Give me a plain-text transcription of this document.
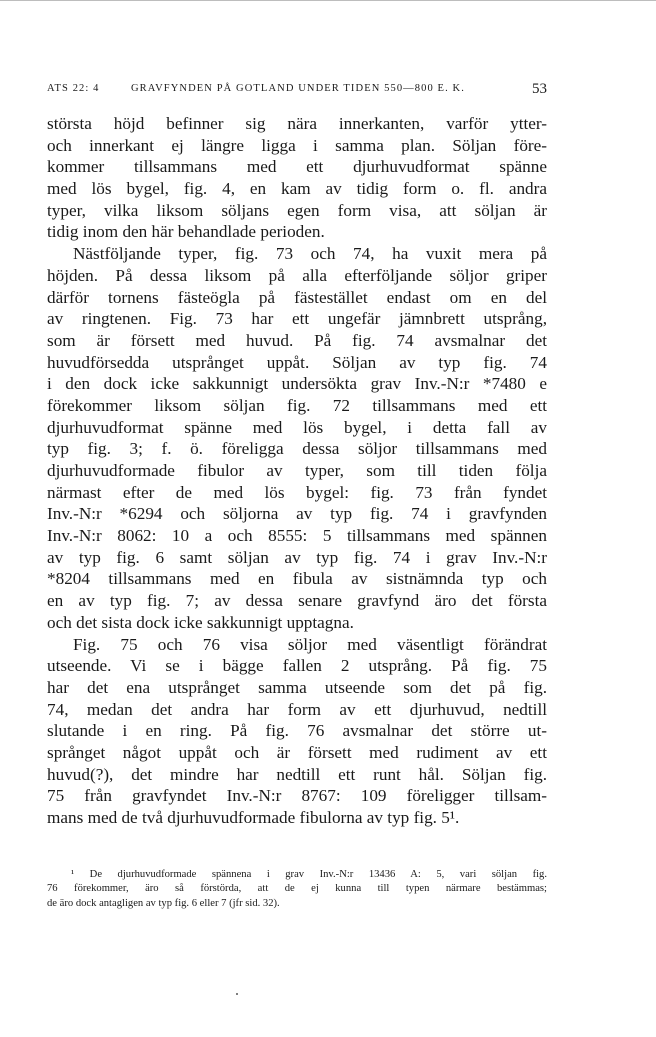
ATS 22: 4	GRAVFYNDEN PÅ GOTLAND UNDER TIDEN 550—800 E. K.	53
största höjd befinner sig nära innerkanten, varför ytter-
och innerkant ej längre ligga i samma plan. Söljan före-
kommer tillsammans med ett djurhuvudformat spänne
med lös bygel, fig. 4, en kam av tidig form o. fl. andra
typer, vilka liksom söljans egen form visa, att söljan är
tidig inom den här behandlade perioden.
Nästföljande typer, fig. 73 och 74, ha vuxit mera på
höjden. På dessa liksom på alla efterföljande söljor griper
därför tornens fästeögla på fästestället endast om en del
av ringtenen. Fig. 73 har ett ungefär jämnbrett utsprång,
som är försett med huvud. På fig. 74 avsmalnar det
huvudförsedda utsprånget uppåt. Söljan av typ fig. 74
i den dock icke sakkunnigt undersökta grav Inv.-N:r *7480 e
förekommer liksom söljan fig. 72 tillsammans med ett
djurhuvudformat spänne med lös bygel, i detta fall av
typ fig. 3; f. ö. föreligga dessa söljor tillsammans med
djurhuvudformade fibulor av typer, som till tiden följa
närmast efter de med lös bygel: fig. 73 från fyndet
Inv.-N:r *6294 och söljorna av typ fig. 74 i gravfynden
Inv.-N:r 8062: 10 a och 8555: 5 tillsammans med spännen
av typ fig. 6 samt söljan av typ fig. 74 i grav Inv.-N:r
*8204 tillsammans med en fibula av sistnämnda typ och
en av typ fig. 7; av dessa senare gravfynd äro det första
och det sista dock icke sakkunnigt upptagna.
Fig. 75 och 76 visa söljor med väsentligt förändrat
utseende. Vi se i bägge fallen 2 utsprång. På fig. 75
har det ena utsprånget samma utseende som det på fig.
74, medan det andra har form av ett djurhuvud, nedtill
slutande i en ring. På fig. 76 avsmalnar det större ut-
språnget något uppåt och är försett med rudiment av ett
huvud(?), det mindre har nedtill ett runt hål. Söljan fig.
75 från gravfyndet Inv.-N:r 8767: 109 föreligger tillsam-
mans med de två djurhuvudformade fibulorna av typ fig. 5¹.
¹ De djurhuvudformade spännena i grav Inv.-N:r 13436 A: 5, vari söljan fig.
76 förekommer, äro så förstörda, att de ej kunna till typen närmare bestämmas;
de äro dock antagligen av typ fig. 6 eller 7 (jfr sid. 32).
